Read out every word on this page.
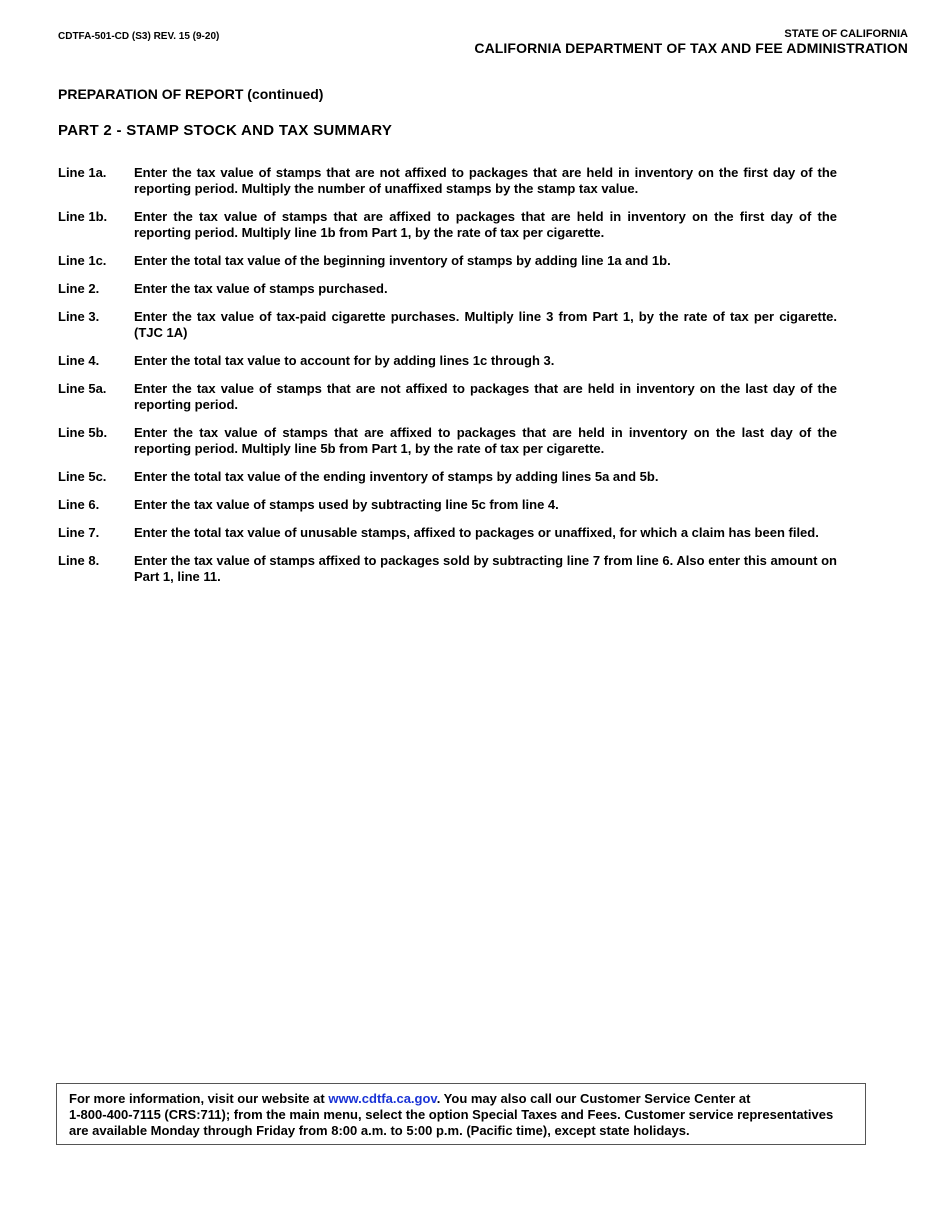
CDTFA-501-CD (S3) REV. 15 (9-20)	STATE OF CALIFORNIA
CALIFORNIA DEPARTMENT OF TAX AND FEE ADMINISTRATION
PREPARATION OF REPORT (continued)
PART 2 - STAMP STOCK AND TAX SUMMARY
Line 1a.	Enter the tax value of stamps that are not affixed to packages that are held in inventory on the first day of the reporting period. Multiply the number of unaffixed stamps by the stamp tax value.
Line 1b.	Enter the tax value of stamps that are affixed to packages that are held in inventory on the first day of the reporting period. Multiply line 1b from Part 1, by the rate of tax per cigarette.
Line 1c.	Enter the total tax value of the beginning inventory of stamps by adding line 1a and 1b.
Line 2.	Enter the tax value of stamps purchased.
Line 3.	Enter the tax value of tax-paid cigarette purchases. Multiply line 3 from Part 1, by the rate of tax per cigarette. (TJC 1A)
Line 4.	Enter the total tax value to account for by adding lines 1c through 3.
Line 5a.	Enter the tax value of stamps that are not affixed to packages that are held in inventory on the last day of the reporting period.
Line 5b.	Enter the tax value of stamps that are affixed to packages that are held in inventory on the last day of the reporting period. Multiply line 5b from Part 1, by the rate of tax per cigarette.
Line 5c.	Enter the total tax value of the ending inventory of stamps by adding lines 5a and 5b.
Line 6.	Enter the tax value of stamps used by subtracting line 5c from line 4.
Line 7.	Enter the total tax value of unusable stamps, affixed to packages or unaffixed, for which a claim has been filed.
Line 8.	Enter the tax value of stamps affixed to packages sold by subtracting line 7 from line 6. Also enter this amount on Part 1, line 11.
For more information, visit our website at www.cdtfa.ca.gov. You may also call our Customer Service Center at
1-800-400-7115 (CRS:711); from the main menu, select the option Special Taxes and Fees. Customer service representatives
are available Monday through Friday from 8:00 a.m. to 5:00 p.m. (Pacific time), except state holidays.
